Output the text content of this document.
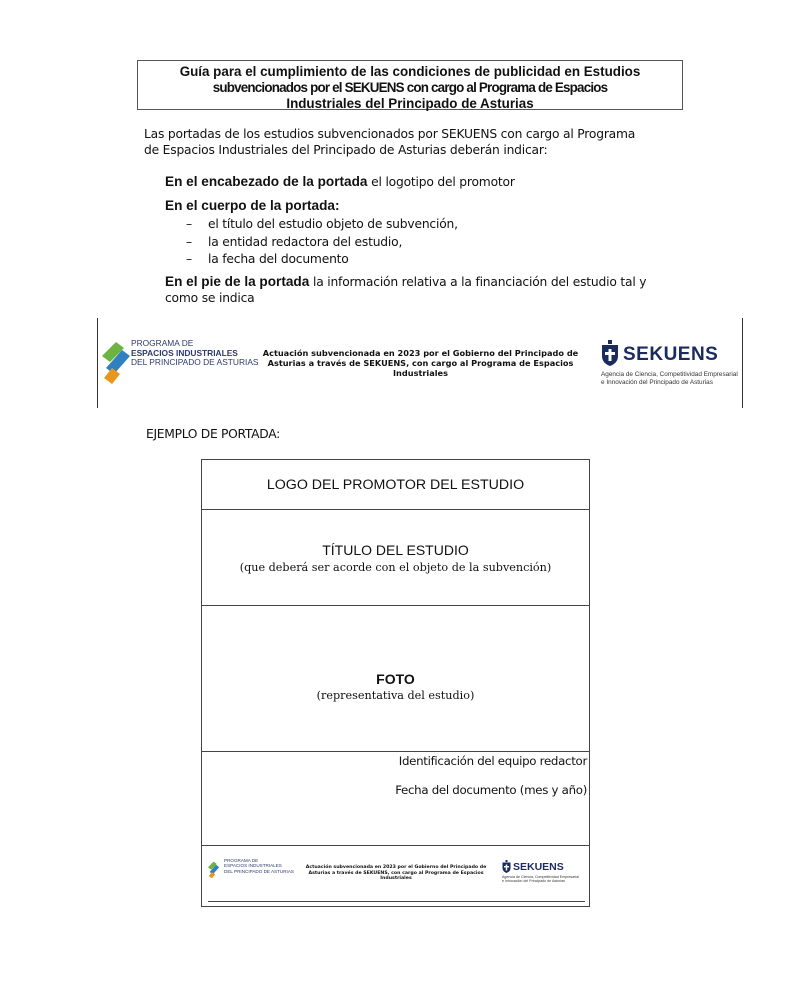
Guía para el cumplimiento de las condiciones de publicidad en Estudios
subvencionados por el SEKUENS con cargo al Programa de Espacios
Industriales del Principado de Asturias
Las portadas de los estudios subvencionados por SEKUENS con cargo al Programa
de Espacios Industriales del Principado de Asturias deberán indicar:
En el encabezado de la portada el logotipo del promotor
En el cuerpo de la portada:
– el título del estudio objeto de subvención,
– la entidad redactora del estudio,
– la fecha del documento
En el pie de la portada la información relativa a la financiación del estudio tal y
como se indica
PROGRAMA DE
ESPACIOS INDUSTRIALES
DEL PRINCIPADO DE ASTURIAS
Actuación subvencionada en 2023 por el Gobierno del Principado de
Asturias a través de SEKUENS, con cargo al Programa de Espacios
Industriales
SEKUENS
Agencia de Ciencia, Competitividad Empresarial
e Innovación del Principado de Asturias
EJEMPLO DE PORTADA:
LOGO DEL PROMOTOR DEL ESTUDIO
TÍTULO DEL ESTUDIO
(que deberá ser acorde con el objeto de la subvención)
FOTO
(representativa del estudio)
Identificación del equipo redactor
Fecha del documento (mes y año)
PROGRAMA DE
ESPACIOS INDUSTRIALES
DEL PRINCIPADO DE ASTURIAS
Actuación subvencionada en 2023 por el Gobierno del Principado de
Asturias a través de SEKUENS, con cargo al Programa de Espacios
Industriales
SEKUENS
Agencia de Ciencia, Competitividad Empresarial
e Innovación del Principado de Asturias
